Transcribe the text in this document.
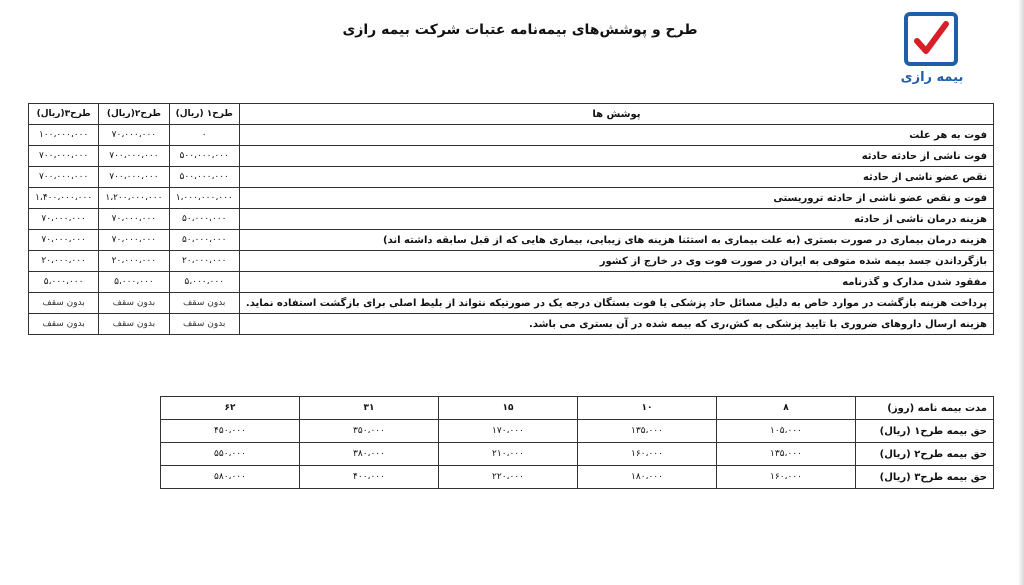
طرح و پوشش‌های بیمه‌نامه عتبات شرکت بیمه رازی
بیمه رازی
طرح۳(ریال)	طرح۲(ریال)	طرح۱ (ریال)	پوشش ها
۱۰۰،۰۰۰،۰۰۰	۷۰،۰۰۰،۰۰۰	۰	فوت به هر علت
۷۰۰،۰۰۰،۰۰۰	۷۰۰،۰۰۰،۰۰۰	۵۰۰،۰۰۰،۰۰۰	فوت ناشی از حادثه حادثه
۷۰۰،۰۰۰،۰۰۰	۷۰۰،۰۰۰،۰۰۰	۵۰۰،۰۰۰،۰۰۰	نقص عضو ناشی از حادثه
۱،۴۰۰،۰۰۰،۰۰۰	۱،۲۰۰،۰۰۰،۰۰۰	۱،۰۰۰،۰۰۰،۰۰۰	فوت و نقص عضو ناشی از حادثه تروریستی
۷۰،۰۰۰،۰۰۰	۷۰،۰۰۰،۰۰۰	۵۰،۰۰۰،۰۰۰	هزینه درمان ناشی از حادثه
۷۰،۰۰۰،۰۰۰	۷۰،۰۰۰،۰۰۰	۵۰،۰۰۰،۰۰۰	هزینه درمان بیماری در صورت بستری (به علت بیماری به استثنا هزینه های زیبایی، بیماری هایی که از قبل سابقه داشته اند)
۲۰،۰۰۰،۰۰۰	۲۰،۰۰۰،۰۰۰	۲۰،۰۰۰،۰۰۰	بازگرداندن جسد بیمه شده متوفی به ایران در صورت فوت وی در خارج از کشور
۵،۰۰۰،۰۰۰	۵،۰۰۰،۰۰۰	۵،۰۰۰،۰۰۰	مفقود شدن مدارک و گذرنامه
بدون سقف	بدون سقف	بدون سقف	پرداخت هزینه بازگشت در موارد خاص به دلیل مسائل حاد پزشکی یا فوت بستگان درجه یک در صورتیکه نتواند از بلیط اصلی برای بازگشت استفاده نماید.
بدون سقف	بدون سقف	بدون سقف	هزینه ارسال داروهای ضروری با تایید پزشکی به کش،ری که بیمه شده در آن بستری می باشد.
۶۲	۳۱	۱۵	۱۰	۸	مدت بیمه نامه (روز)
۴۵۰،۰۰۰	۳۵۰،۰۰۰	۱۷۰،۰۰۰	۱۳۵،۰۰۰	۱۰۵،۰۰۰	حق بیمه طرح۱ (ریال)
۵۵۰،۰۰۰	۳۸۰،۰۰۰	۲۱۰،۰۰۰	۱۶۰،۰۰۰	۱۳۵،۰۰۰	حق بیمه طرح۲ (ریال)
۵۸۰،۰۰۰	۴۰۰،۰۰۰	۲۲۰،۰۰۰	۱۸۰،۰۰۰	۱۶۰،۰۰۰	حق بیمه طرح۳ (ریال)
